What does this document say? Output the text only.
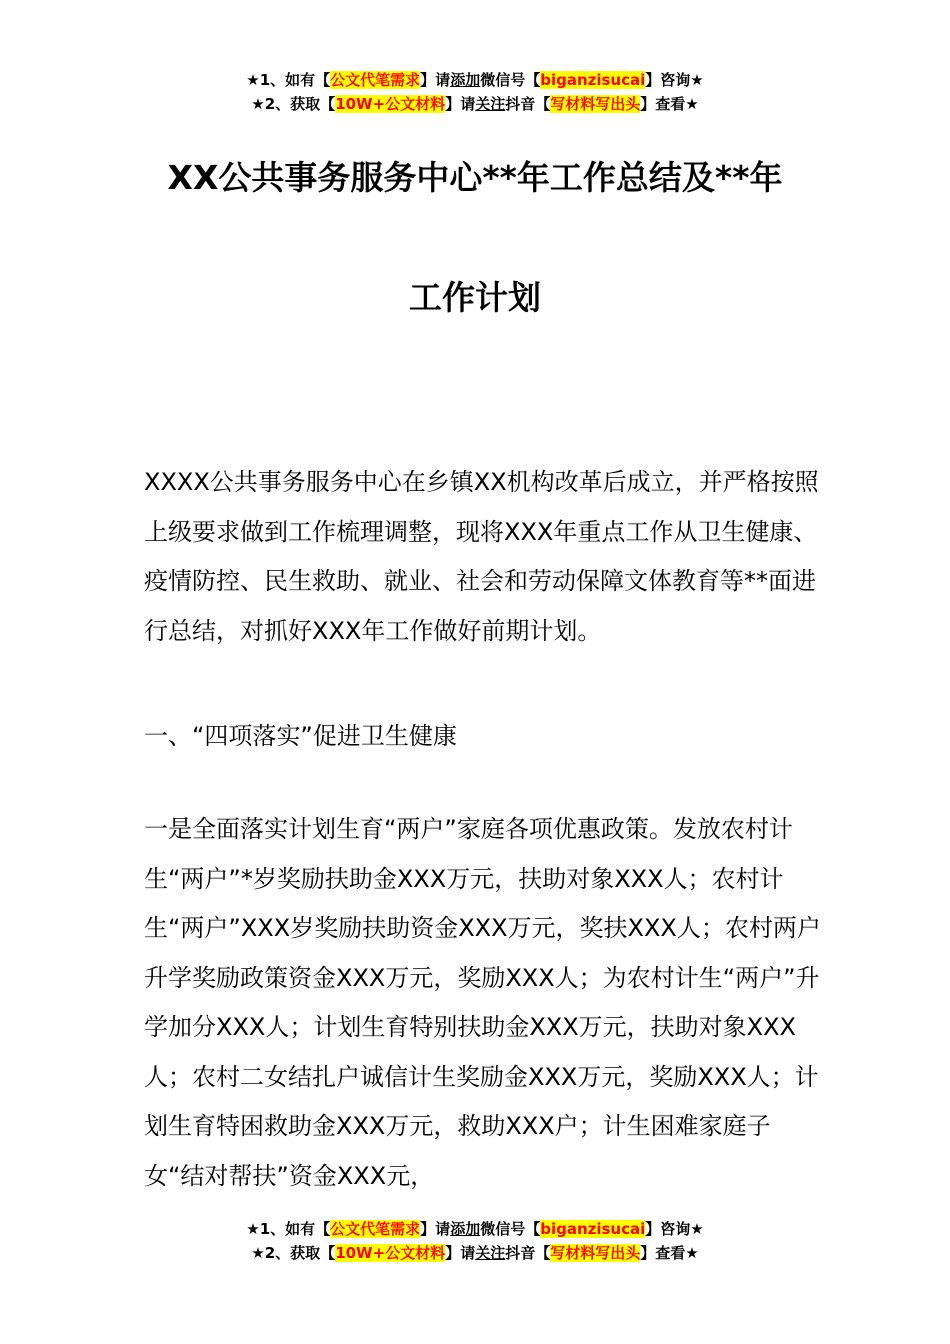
★1、如有【公文代笔需求】请添加微信号【biganzisucai】咨询★
★2、获取【10W+公文材料】请关注抖音【写材料写出头】查看★
XX公共事务服务中心**年工作总结及**年
工作计划

XXXX公共事务服务中心在乡镇XX机构改革后成立，并严格按照上级要求做到工作梳理调整，现将XXX年重点工作从卫生健康、疫情防控、民生救助、就业、社会和劳动保障文体教育等**面进行总结，对抓好XXX年工作做好前期计划。

一、“四项落实”促进卫生健康

一是全面落实计划生育“两户”家庭各项优惠政策。发放农村计生“两户”*岁奖励扶助金XXX万元，扶助对象XXX人；农村计生“两户”XXX岁奖励扶助资金XXX万元，奖扶XXX人；农村两户升学奖励政策资金XXX万元，奖励XXX人；为农村计生“两户”升学加分XXX人；计划生育特别扶助金XXX万元，扶助对象XXX人；农村二女结扎户诚信计生奖励金XXX万元，奖励XXX人；计划生育特困救助金XXX万元，救助XXX户；计生困难家庭子女“结对帮扶”资金XXX元，

★1、如有【公文代笔需求】请添加微信号【biganzisucai】咨询★
★2、获取【10W+公文材料】请关注抖音【写材料写出头】查看★
